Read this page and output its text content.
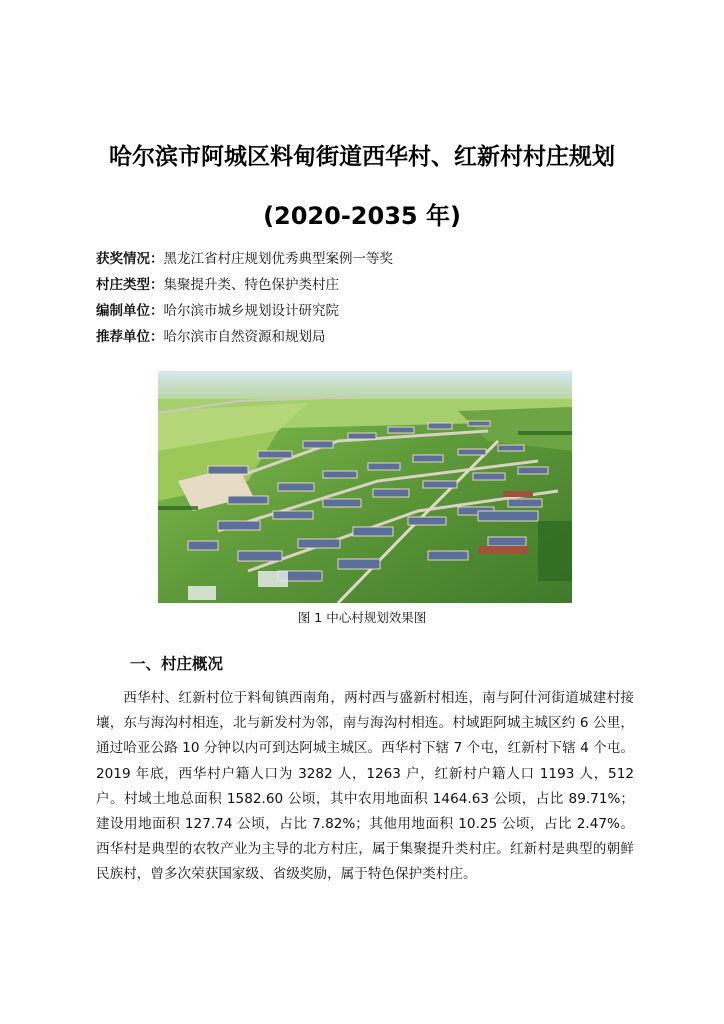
哈尔滨市阿城区料甸街道西华村、红新村村庄规划
(2020-2035 年)
获奖情况：黑龙江省村庄规划优秀典型案例一等奖
村庄类型：集聚提升类、特色保护类村庄
编制单位：哈尔滨市城乡规划设计研究院
推荐单位：哈尔滨市自然资源和规划局
图 1 中心村规划效果图
一、村庄概况

西华村、红新村位于料甸镇西南角，两村西与盛新村相连，南与阿什河街道城建村接壤，东与海沟村相连，北与新发村为邻，南与海沟村相连。村域距阿城主城区约 6 公里，通过哈亚公路 10 分钟以内可到达阿城主城区。西华村下辖 7 个屯，红新村下辖 4 个屯。2019 年底，西华村户籍人口为 3282 人，1263 户，红新村户籍人口 1193 人，512 户。村域土地总面积 1582.60 公顷，其中农用地面积 1464.63 公顷，占比 89.71%；建设用地面积 127.74 公顷，占比 7.82%；其他用地面积 10.25 公顷，占比 2.47%。西华村是典型的农牧产业为主导的北方村庄，属于集聚提升类村庄。红新村是典型的朝鲜民族村，曾多次荣获国家级、省级奖励，属于特色保护类村庄。
